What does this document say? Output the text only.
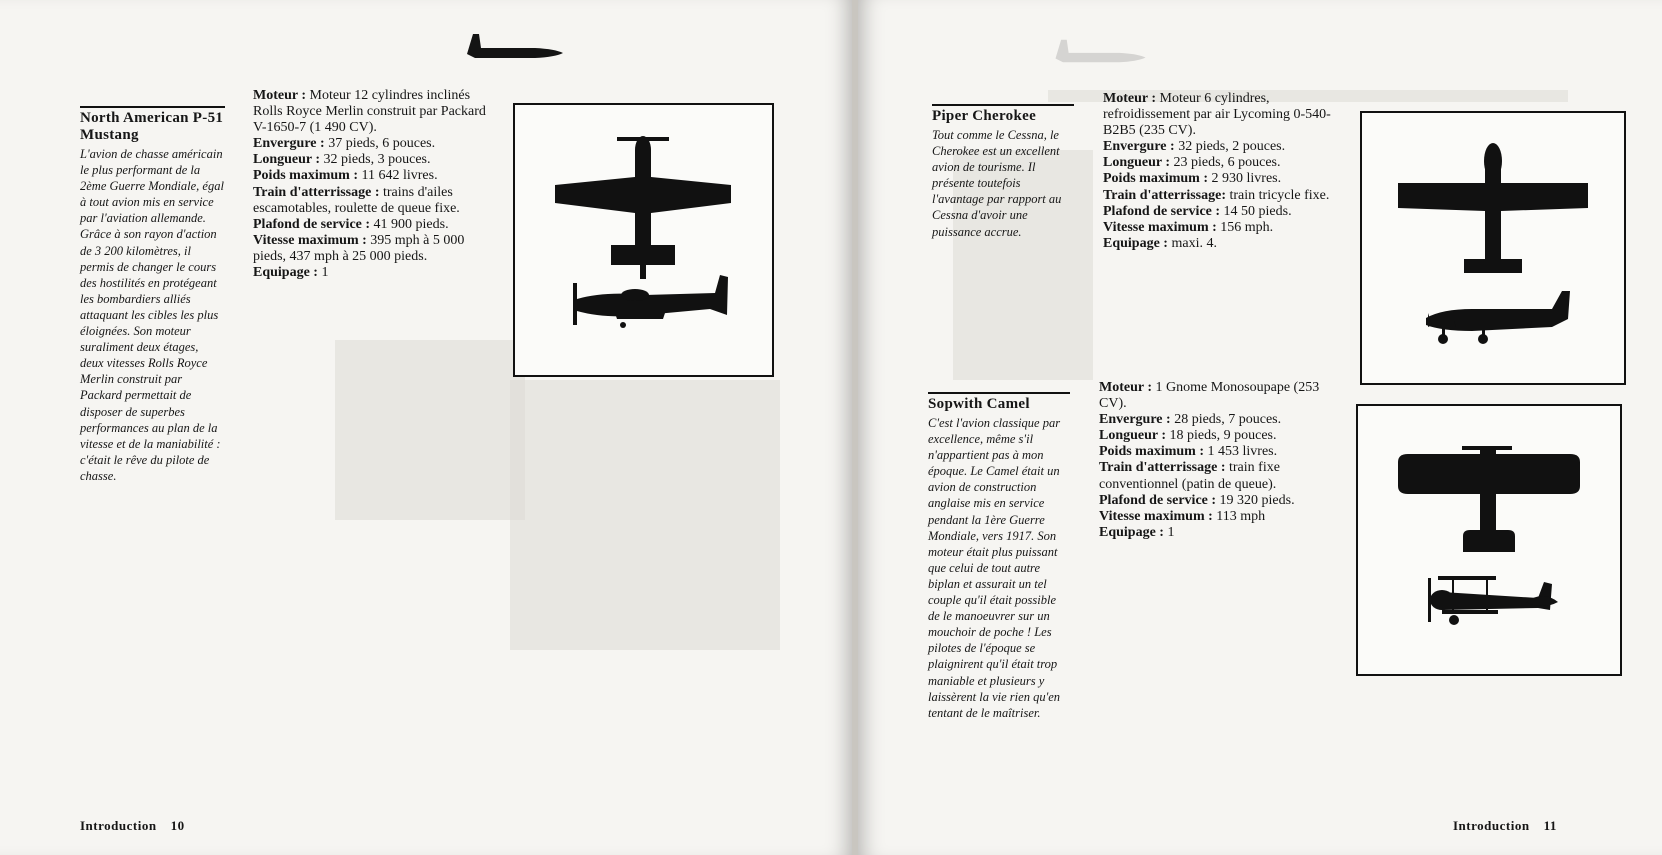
North American P-51 Mustang
L'avion de chasse américain le plus performant de la 2ème Guerre Mondiale, égal à tout avion mis en service par l'aviation allemande. Grâce à son rayon d'action de 3 200 kilomètres, il permis de changer le cours des hostilités en protégeant les bombardiers alliés attaquant les cibles les plus éloignées. Son moteur suraliment deux étages, deux vitesses Rolls Royce Merlin construit par Packard permettait de disposer de superbes performances au plan de la vitesse et de la maniabilité : c'était le rêve du pilote de chasse.

Moteur : Moteur 12 cylindres inclinés Rolls Royce Merlin construit par Packard V-1650-7 (1 490 CV).

Envergure : 37 pieds, 6 pouces.

Longueur : 32 pieds, 3 pouces.

Poids maximum : 11 642 livres.

Train d'atterrissage : trains d'ailes escamotables, roulette de queue fixe.

Plafond de service : 41 900 pieds.

Vitesse maximum : 395 mph à 5 000 pieds, 437 mph à 25 000 pieds.

Equipage : 1

Introduction 10
Piper Cherokee
Tout comme le Cessna, le Cherokee est un excellent avion de tourisme. Il présente toutefois l'avantage par rapport au Cessna d'avoir une puissance accrue.

Moteur : Moteur 6 cylindres, refroidissement par air Lycoming 0-540-B2B5 (235 CV).

Envergure : 32 pieds, 2 pouces.

Longueur : 23 pieds, 6 pouces.

Poids maximum : 2 930 livres.

Train d'atterrissage: train tricycle fixe.

Plafond de service : 14 50 pieds.

Vitesse maximum : 156 mph.

Equipage : maxi. 4.

Sopwith Camel
C'est l'avion classique par excellence, même s'il n'appartient pas à mon époque. Le Camel était un avion de construction anglaise mis en service pendant la 1ère Guerre Mondiale, vers 1917. Son moteur était plus puissant que celui de tout autre biplan et assurait un tel couple qu'il était possible de le manoeuvrer sur un mouchoir de poche ! Les pilotes de l'époque se plaignirent qu'il était trop maniable et plusieurs y laissèrent la vie rien qu'en tentant de le maîtriser.

Moteur : 1 Gnome Monosoupape (253 CV).

Envergure : 28 pieds, 7 pouces.

Longueur : 18 pieds, 9 pouces.

Poids maximum : 1 453 livres.

Train d'atterrissage : train fixe conventionnel (patin de queue).

Plafond de service : 19 320 pieds.

Vitesse maximum : 113 mph

Equipage : 1

Introduction 11
